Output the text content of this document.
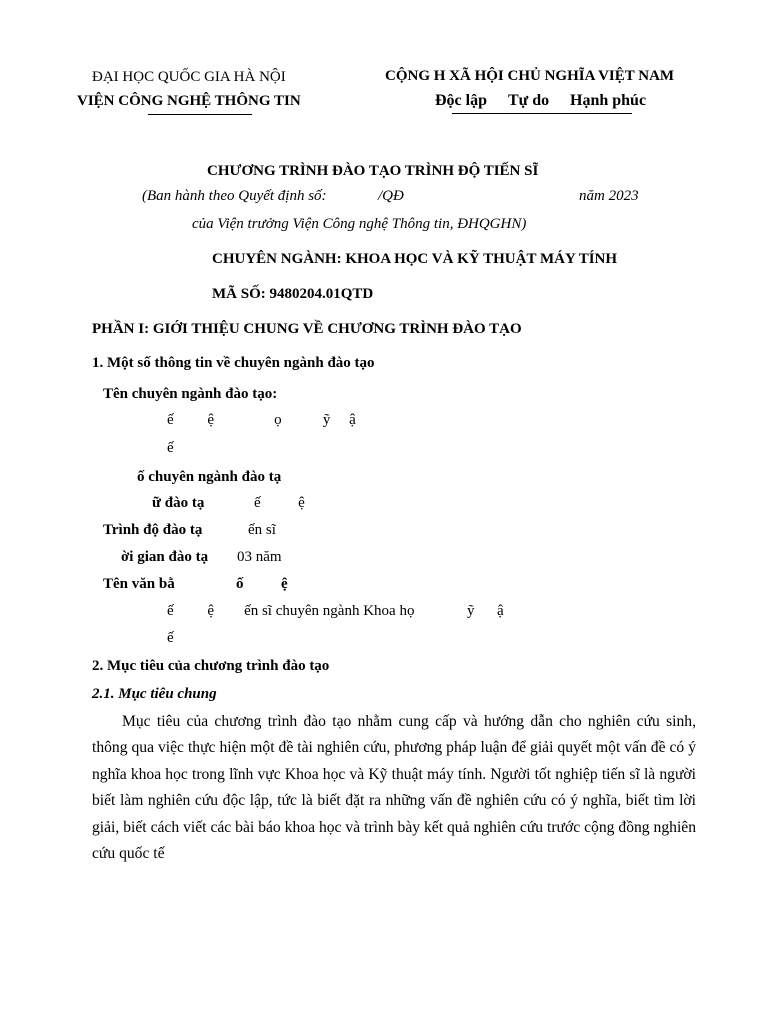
ĐẠI HỌC QUỐC GIA HÀ NỘI
VIỆN CÔNG NGHỆ THÔNG TIN
CỘNG H XÃ HỘI CHỦ NGHĨA VIỆT NAM
Độc lập Tự do Hạnh phúc
CHƯƠNG TRÌNH ĐÀO TẠO TRÌNH ĐỘ TIẾN SĨ
(Ban hành theo Quyết định số:	/QĐ	năm 2023
của Viện trưởng Viện Công nghệ Thông tin, ĐHQGHN)
CHUYÊN NGÀNH: KHOA HỌC VÀ KỸ THUẬT MÁY TÍNH
MÃ SỐ: 9480204.01QTD
PHẦN I: GIỚI THIỆU CHUNG VỀ CHƯƠNG TRÌNH ĐÀO TẠO
1. Một số thông tin về chuyên ngành đào tạo
Tên chuyên ngành đào tạo:
ế         ệ                ọ           ỹ     ậ
ế
ố chuyên ngành đào tạ
ữ đào tạ	ế          ệ
Trình độ đào tạ	ến sĩ
ời gian đào tạ 03 năm
Tên văn bằ	ố          ệ
ế         ệ        ến sĩ chuyên ngành Khoa họ              ỹ      ậ
ế
2. Mục tiêu của chương trình đào tạo
2.1. Mục tiêu chung
Mục tiêu của chương trình đào tạo nhằm cung cấp và hướng dẫn cho nghiên cứu sinh, thông qua việc thực hiện một đề tài nghiên cứu, phương pháp luận để giải quyết một vấn đề có ý nghĩa khoa học trong lĩnh vực Khoa học và Kỹ thuật máy tính. Người tốt nghiệp tiến sĩ là người biết làm nghiên cứu độc lập, tức là biết đặt ra những vấn đề nghiên cứu có ý nghĩa, biết tìm lời giải, biết cách viết các bài báo khoa học và trình bày kết quả nghiên cứu trước cộng đồng nghiên cứu quốc tế
